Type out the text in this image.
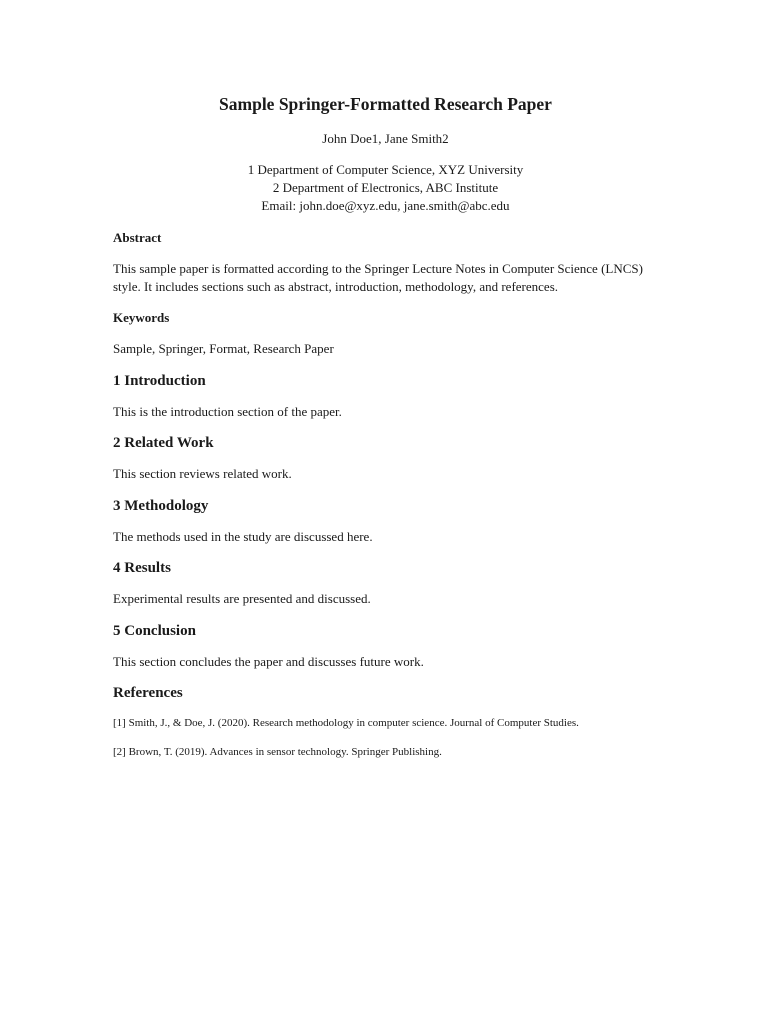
Sample Springer-Formatted Research Paper
John Doe1, Jane Smith2
1 Department of Computer Science, XYZ University
2 Department of Electronics, ABC Institute
Email: john.doe@xyz.edu, jane.smith@abc.edu
Abstract
This sample paper is formatted according to the Springer Lecture Notes in Computer Science (LNCS) style. It includes sections such as abstract, introduction, methodology, and references.
Keywords
Sample, Springer, Format, Research Paper
1 Introduction
This is the introduction section of the paper.
2 Related Work
This section reviews related work.
3 Methodology
The methods used in the study are discussed here.
4 Results
Experimental results are presented and discussed.
5 Conclusion
This section concludes the paper and discusses future work.
References
[1] Smith, J., & Doe, J. (2020). Research methodology in computer science. Journal of Computer Studies.
[2] Brown, T. (2019). Advances in sensor technology. Springer Publishing.
